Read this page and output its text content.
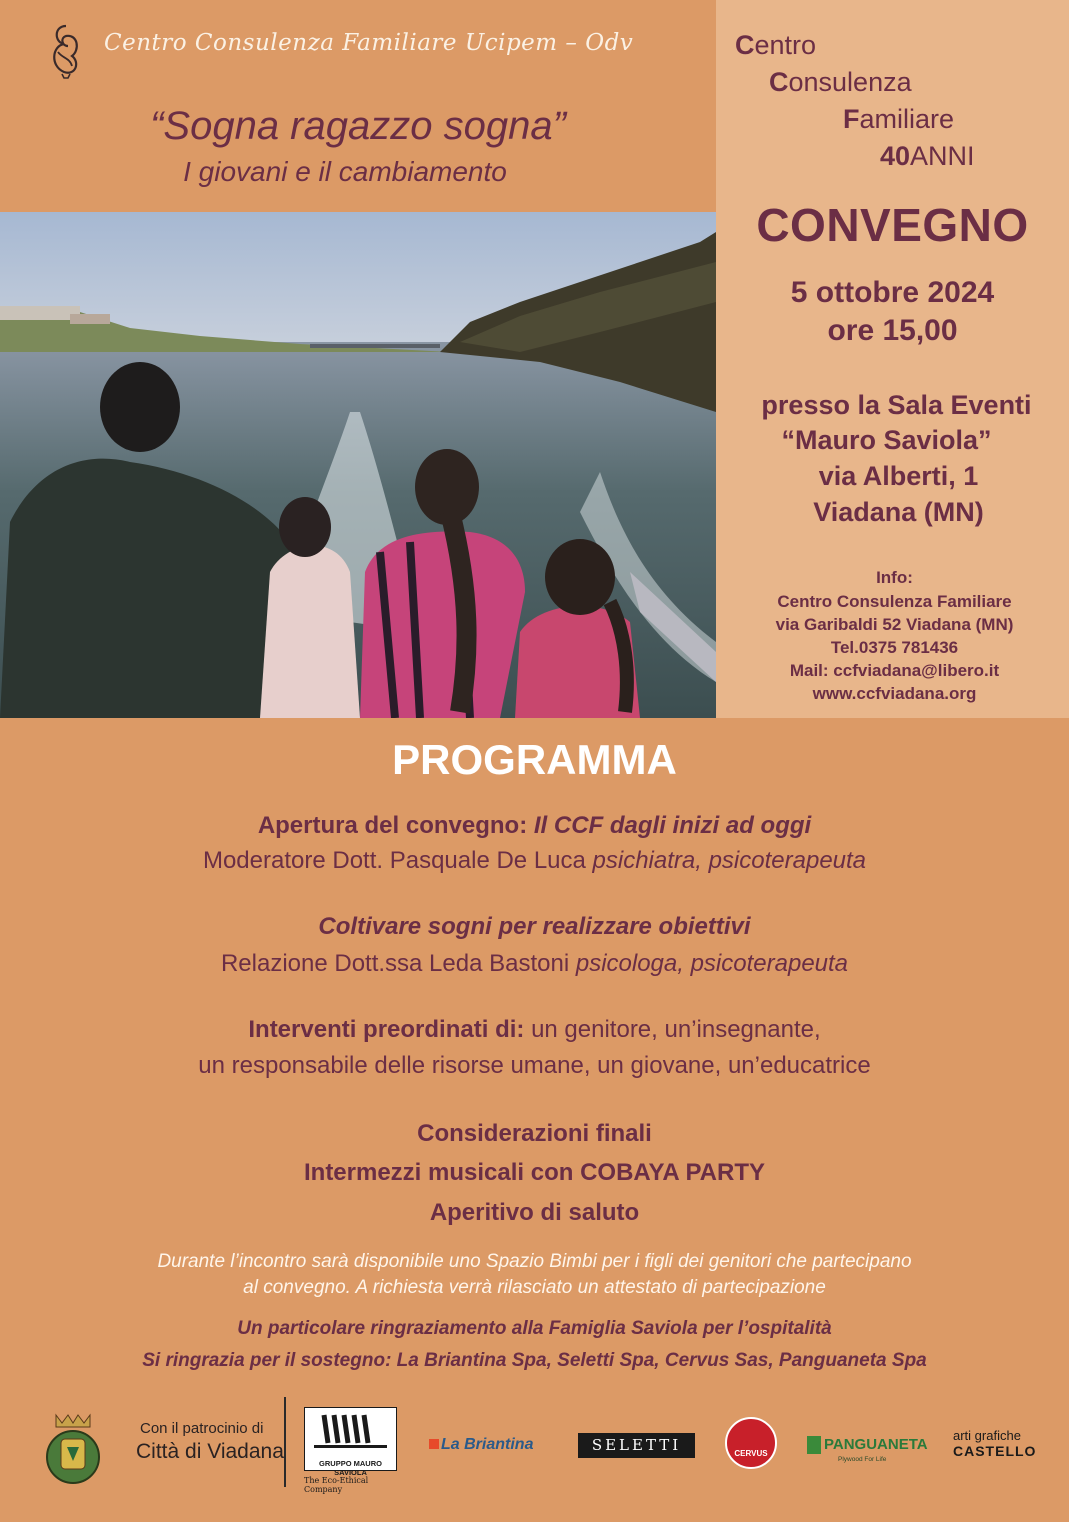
Centro Consulenza Familiare Ucipem – Odv
“Sogna ragazzo sogna”
I giovani e il cambiamento
Centro
Consulenza
Familiare
40ANNI
CONVEGNO
5 ottobre 2024
ore 15,00
presso la Sala Eventi
“Mauro Saviola”
via Alberti, 1
Viadana (MN)
Info:
Centro Consulenza Familiare
via Garibaldi 52 Viadana (MN)
Tel.0375 781436
Mail: ccfviadana@libero.it
www.ccfviadana.org
PROGRAMMA
Apertura del convegno: Il CCF dagli inizi ad oggi
Moderatore Dott. Pasquale De Luca psichiatra, psicoterapeuta
Coltivare sogni per realizzare obiettivi
Relazione Dott.ssa Leda Bastoni psicologa, psicoterapeuta
Interventi preordinati di: un genitore, un’insegnante,
un responsabile delle risorse umane, un giovane, un’educatrice
Considerazioni finali
Intermezzi musicali con COBAYA PARTY
Aperitivo di saluto
Durante l’incontro sarà disponibile uno Spazio Bimbi per i figli dei genitori che partecipano
al convegno. A richiesta verrà rilasciato un attestato di partecipazione
Un particolare ringraziamento alla Famiglia Saviola per l’ospitalità
Si ringrazia per il sostegno: La Briantina Spa, Seletti Spa, Cervus Sas, Panguaneta Spa
Con il patrocinio di
Città di Viadana
GRUPPO MAURO SAVIOLA
The Eco-Ethical Company
La Briantina	SELETTI	CERVUS
PANGUANETA
Plywood For Life
arti grafiche
CASTELLO
